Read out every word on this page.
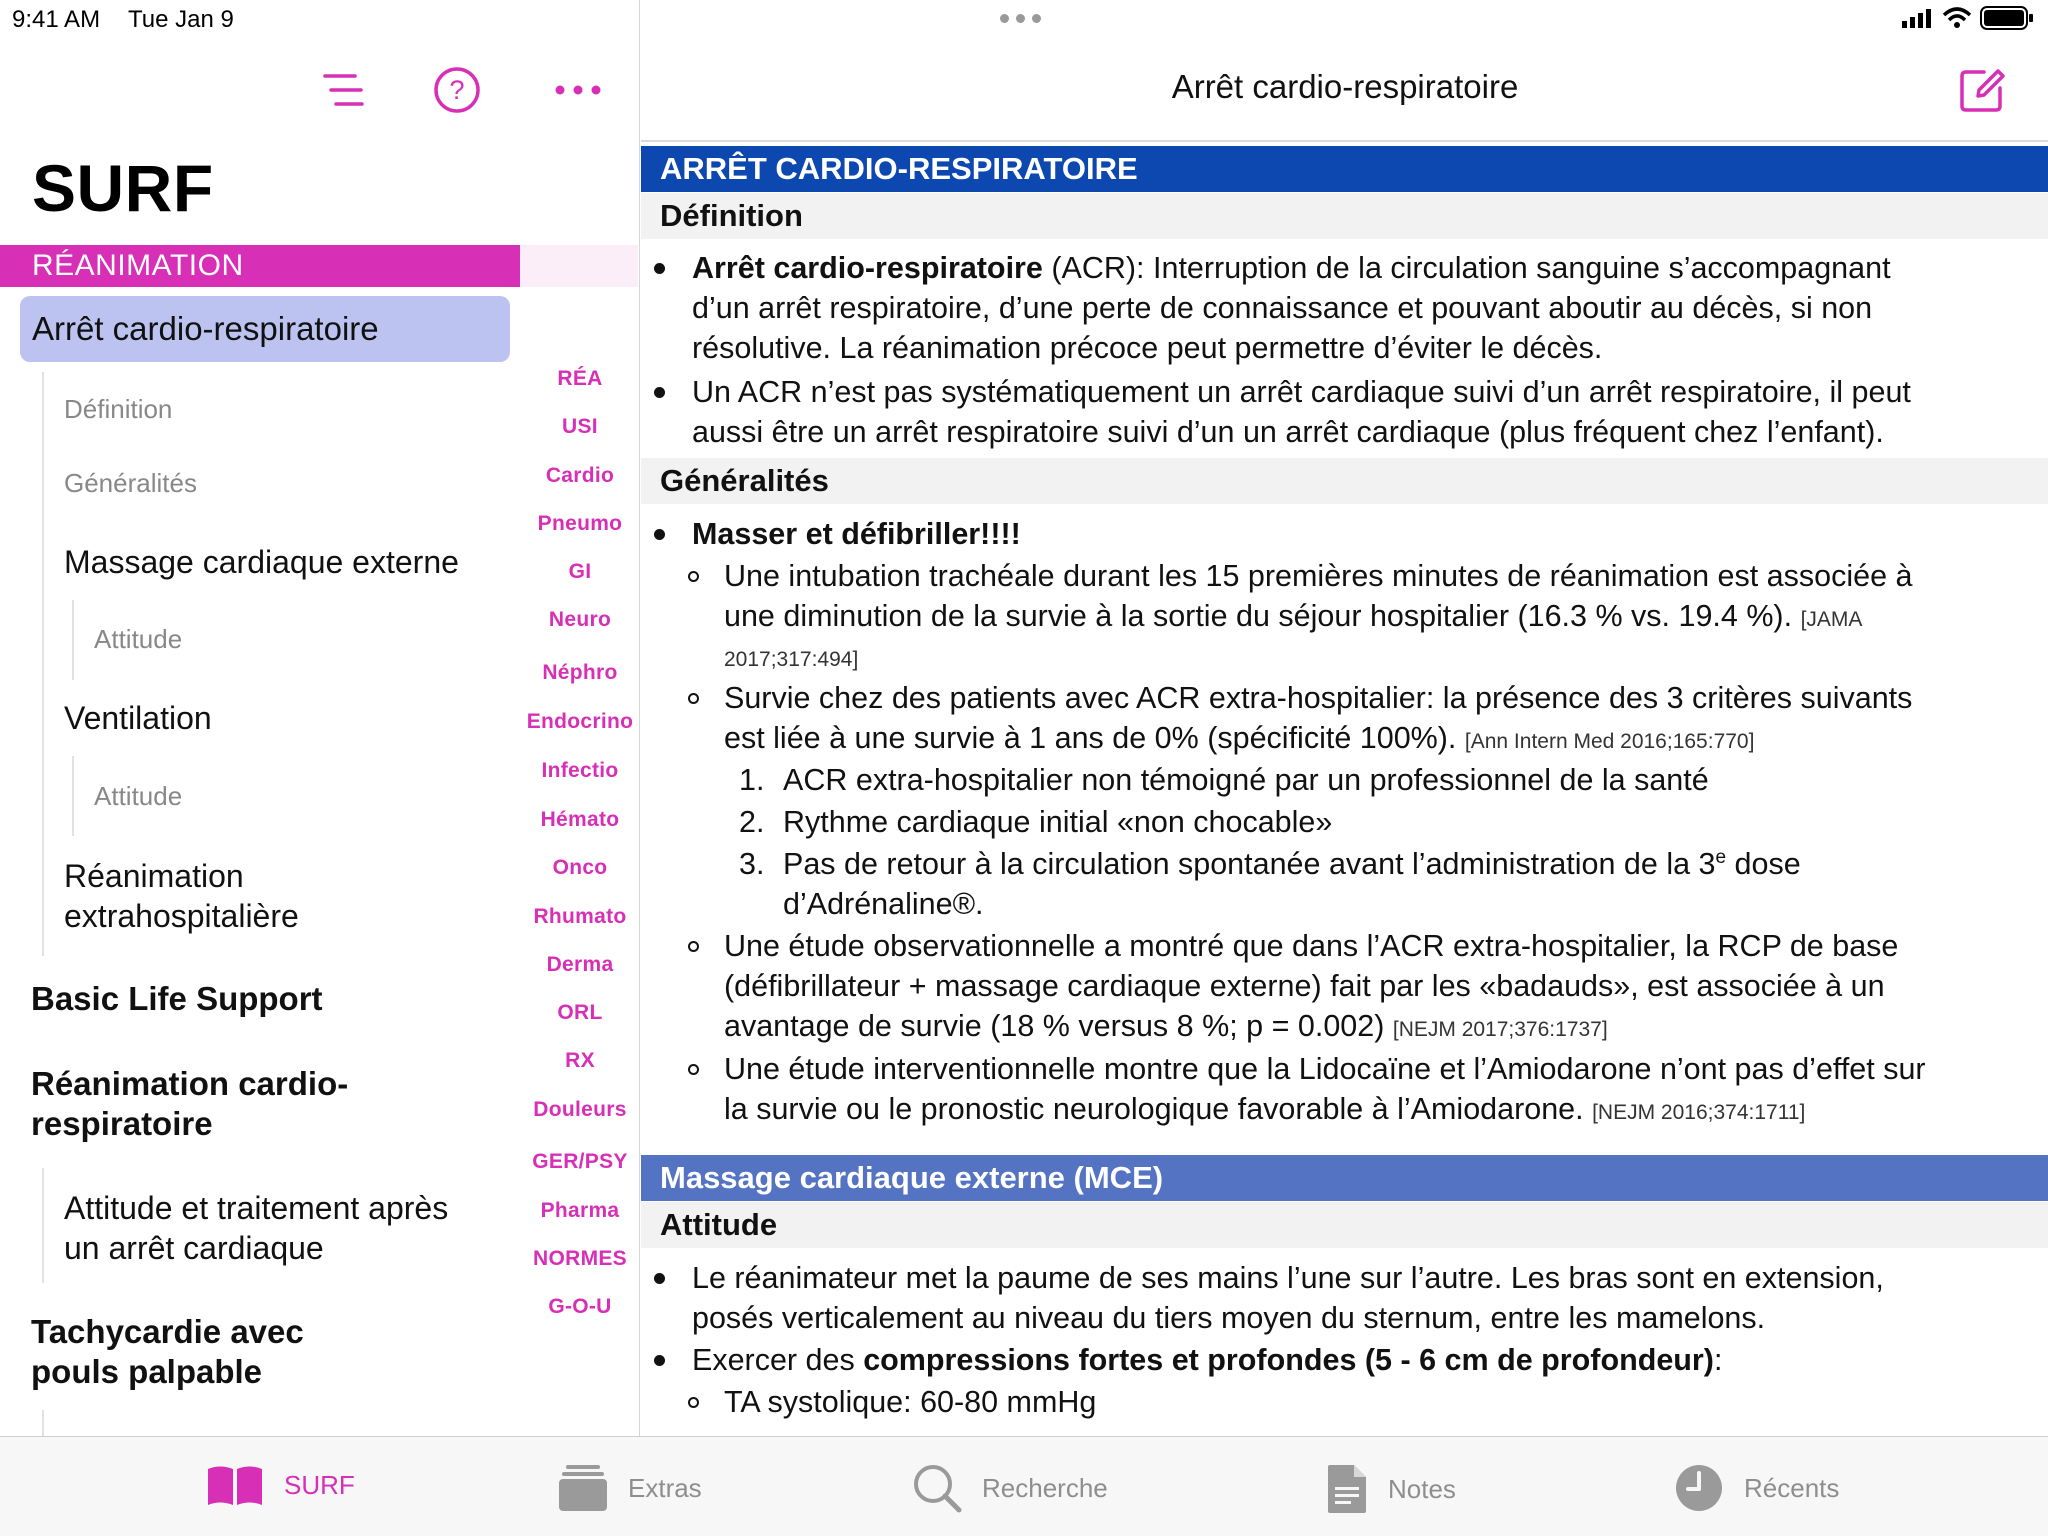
9:41 AM Tue Jan 9
?
SURF
RÉANIMATION
Arrêt cardio-respiratoire
Définition
Généralités
Massage cardiaque externe
Attitude
Ventilation
Attitude
Réanimation
extrahospitalière
Basic Life Support
Réanimation cardio-
respiratoire
Attitude et traitement après
un arrêt cardiaque
Tachycardie avec
pouls palpable
RÉA
USI
Cardio
Pneumo
GI
Neuro
Néphro
Endocrino
Infectio
Hémato
Onco
Rhumato
Derma
ORL
RX
Douleurs
GER/PSY
Pharma
NORMES
G-O-U
Arrêt cardio-respiratoire
ARRÊT CARDIO-RESPIRATOIRE
Définition
Arrêt cardio-respiratoire (ACR): Interruption de la circulation sanguine s’accompagnant
d’un arrêt respiratoire, d’une perte de connaissance et pouvant aboutir au décès, si non
résolutive. La réanimation précoce peut permettre d’éviter le décès.
Un ACR n’est pas systématiquement un arrêt cardiaque suivi d’un arrêt respiratoire, il peut
aussi être un arrêt respiratoire suivi d’un un arrêt cardiaque (plus fréquent chez l’enfant).
Généralités
Masser et défibriller!!!!
Une intubation trachéale durant les 15 premières minutes de réanimation est associée à
une diminution de la survie à la sortie du séjour hospitalier (16.3 % vs. 19.4 %). [JAMA
2017;317:494]
Survie chez des patients avec ACR extra-hospitalier: la présence des 3 critères suivants
est liée à une survie à 1 ans de 0% (spécificité 100%). [Ann Intern Med 2016;165:770]
1. ACR extra-hospitalier non témoigné par un professionnel de la santé
2. Rythme cardiaque initial «non chocable»
3. Pas de retour à la circulation spontanée avant l’administration de la 3e dose
d’Adrénaline®.
Une étude observationnelle a montré que dans l’ACR extra-hospitalier, la RCP de base
(défibrillateur + massage cardiaque externe) fait par les «badauds», est associée à un
avantage de survie (18 % versus 8 %; p = 0.002) [NEJM 2017;376:1737]
Une étude interventionnelle montre que la Lidocaïne et l’Amiodarone n’ont pas d’effet sur
la survie ou le pronostic neurologique favorable à l’Amiodarone. [NEJM 2016;374:1711]
Massage cardiaque externe (MCE)
Attitude
Le réanimateur met la paume de ses mains l’une sur l’autre. Les bras sont en extension,
posés verticalement au niveau du tiers moyen du sternum, entre les mamelons.
Exercer des compressions fortes et profondes (5 - 6 cm de profondeur):
TA systolique: 60-80 mmHg
SURF	Extras	Recherche	Notes	Récents
